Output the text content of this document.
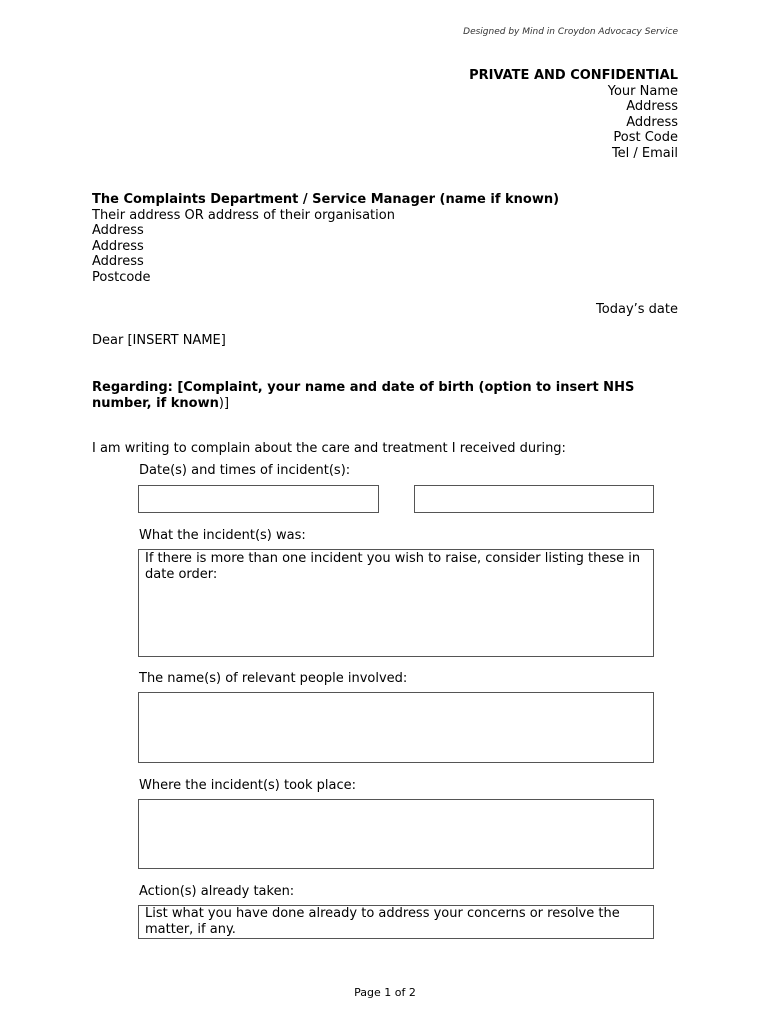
Designed by Mind in Croydon Advocacy Service
PRIVATE AND CONFIDENTIAL
Your Name
Address
Address
Post Code
Tel / Email
The Complaints Department / Service Manager (name if known)
Their address OR address of their organisation
Address
Address
Address
Postcode
Today’s date
Dear [INSERT NAME]
Regarding: [Complaint, your name and date of birth (option to insert NHS number, if known)]
I am writing to complain about the care and treatment I received during:
Date(s) and times of incident(s):
What the incident(s) was:
If there is more than one incident you wish to raise, consider listing these in date order:
The name(s) of relevant people involved:
Where the incident(s) took place:
Action(s) already taken:
List what you have done already to address your concerns or resolve the matter, if any.
Page 1 of 2
